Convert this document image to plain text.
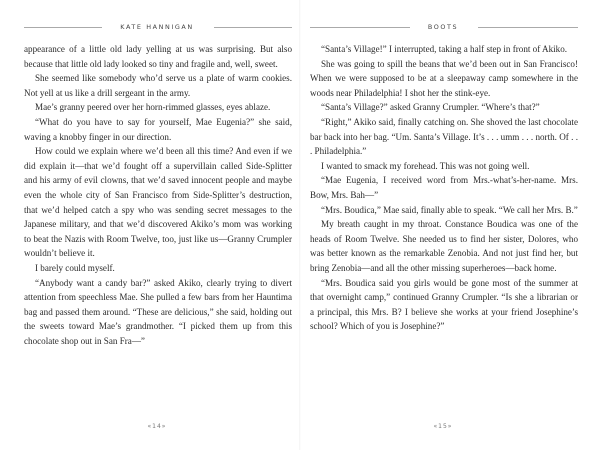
KATE HANNIGAN

appearance of a little old lady yelling at us was surprising. But also because that little old lady looked so tiny and fragile and, well, sweet.

She seemed like somebody who’d serve us a plate of warm cookies. Not yell at us like a drill sergeant in the army.

Mae’s granny peered over her horn-rimmed glasses, eyes ablaze.

“What do you have to say for yourself, Mae Eugenia?” she said, waving a knobby finger in our direction.

How could we explain where we’d been all this time? And even if we did explain it—that we’d fought off a supervillain called Side-Splitter and his army of evil clowns, that we’d saved innocent people and maybe even the whole city of San Francisco from Side-Splitter’s destruction, that we’d helped catch a spy who was sending secret messages to the Japanese military, and that we’d discovered Akiko’s mom was working to beat the Nazis with Room Twelve, too, just like us—Granny Crumpler wouldn’t believe it.

I barely could myself.

“Anybody want a candy bar?” asked Akiko, clearly trying to divert attention from speechless Mae. She pulled a few bars from her Hauntima bag and passed them around. “These are delicious,” she said, holding out the sweets toward Mae’s grandmother. “I picked them up from this chocolate shop out in San Fra—”

«14»
BOOTS

“Santa’s Village!” I interrupted, taking a half step in front of Akiko.

She was going to spill the beans that we’d been out in San Francisco! When we were supposed to be at a sleepaway camp somewhere in the woods near Philadelphia! I shot her the stink-eye.

“Santa’s Village?” asked Granny Crumpler. “Where’s that?”

“Right,” Akiko said, finally catching on. She shoved the last chocolate bar back into her bag. “Um. Santa’s Village. It’s . . . umm . . . north. Of . . . Philadelphia.”

I wanted to smack my forehead. This was not going well.

“Mae Eugenia, I received word from Mrs.-what’s-her-name. Mrs. Bow, Mrs. Bah—”

“Mrs. Boudica,” Mae said, finally able to speak. “We call her Mrs. B.”

My breath caught in my throat. Constance Boudica was one of the heads of Room Twelve. She needed us to find her sister, Dolores, who was better known as the remarkable Zenobia. And not just find her, but bring Zenobia—and all the other missing superheroes—back home.

“Mrs. Boudica said you girls would be gone most of the summer at that overnight camp,” continued Granny Crumpler. “Is she a librarian or a principal, this Mrs. B? I believe she works at your friend Josephine’s school? Which of you is Josephine?”

«15»
